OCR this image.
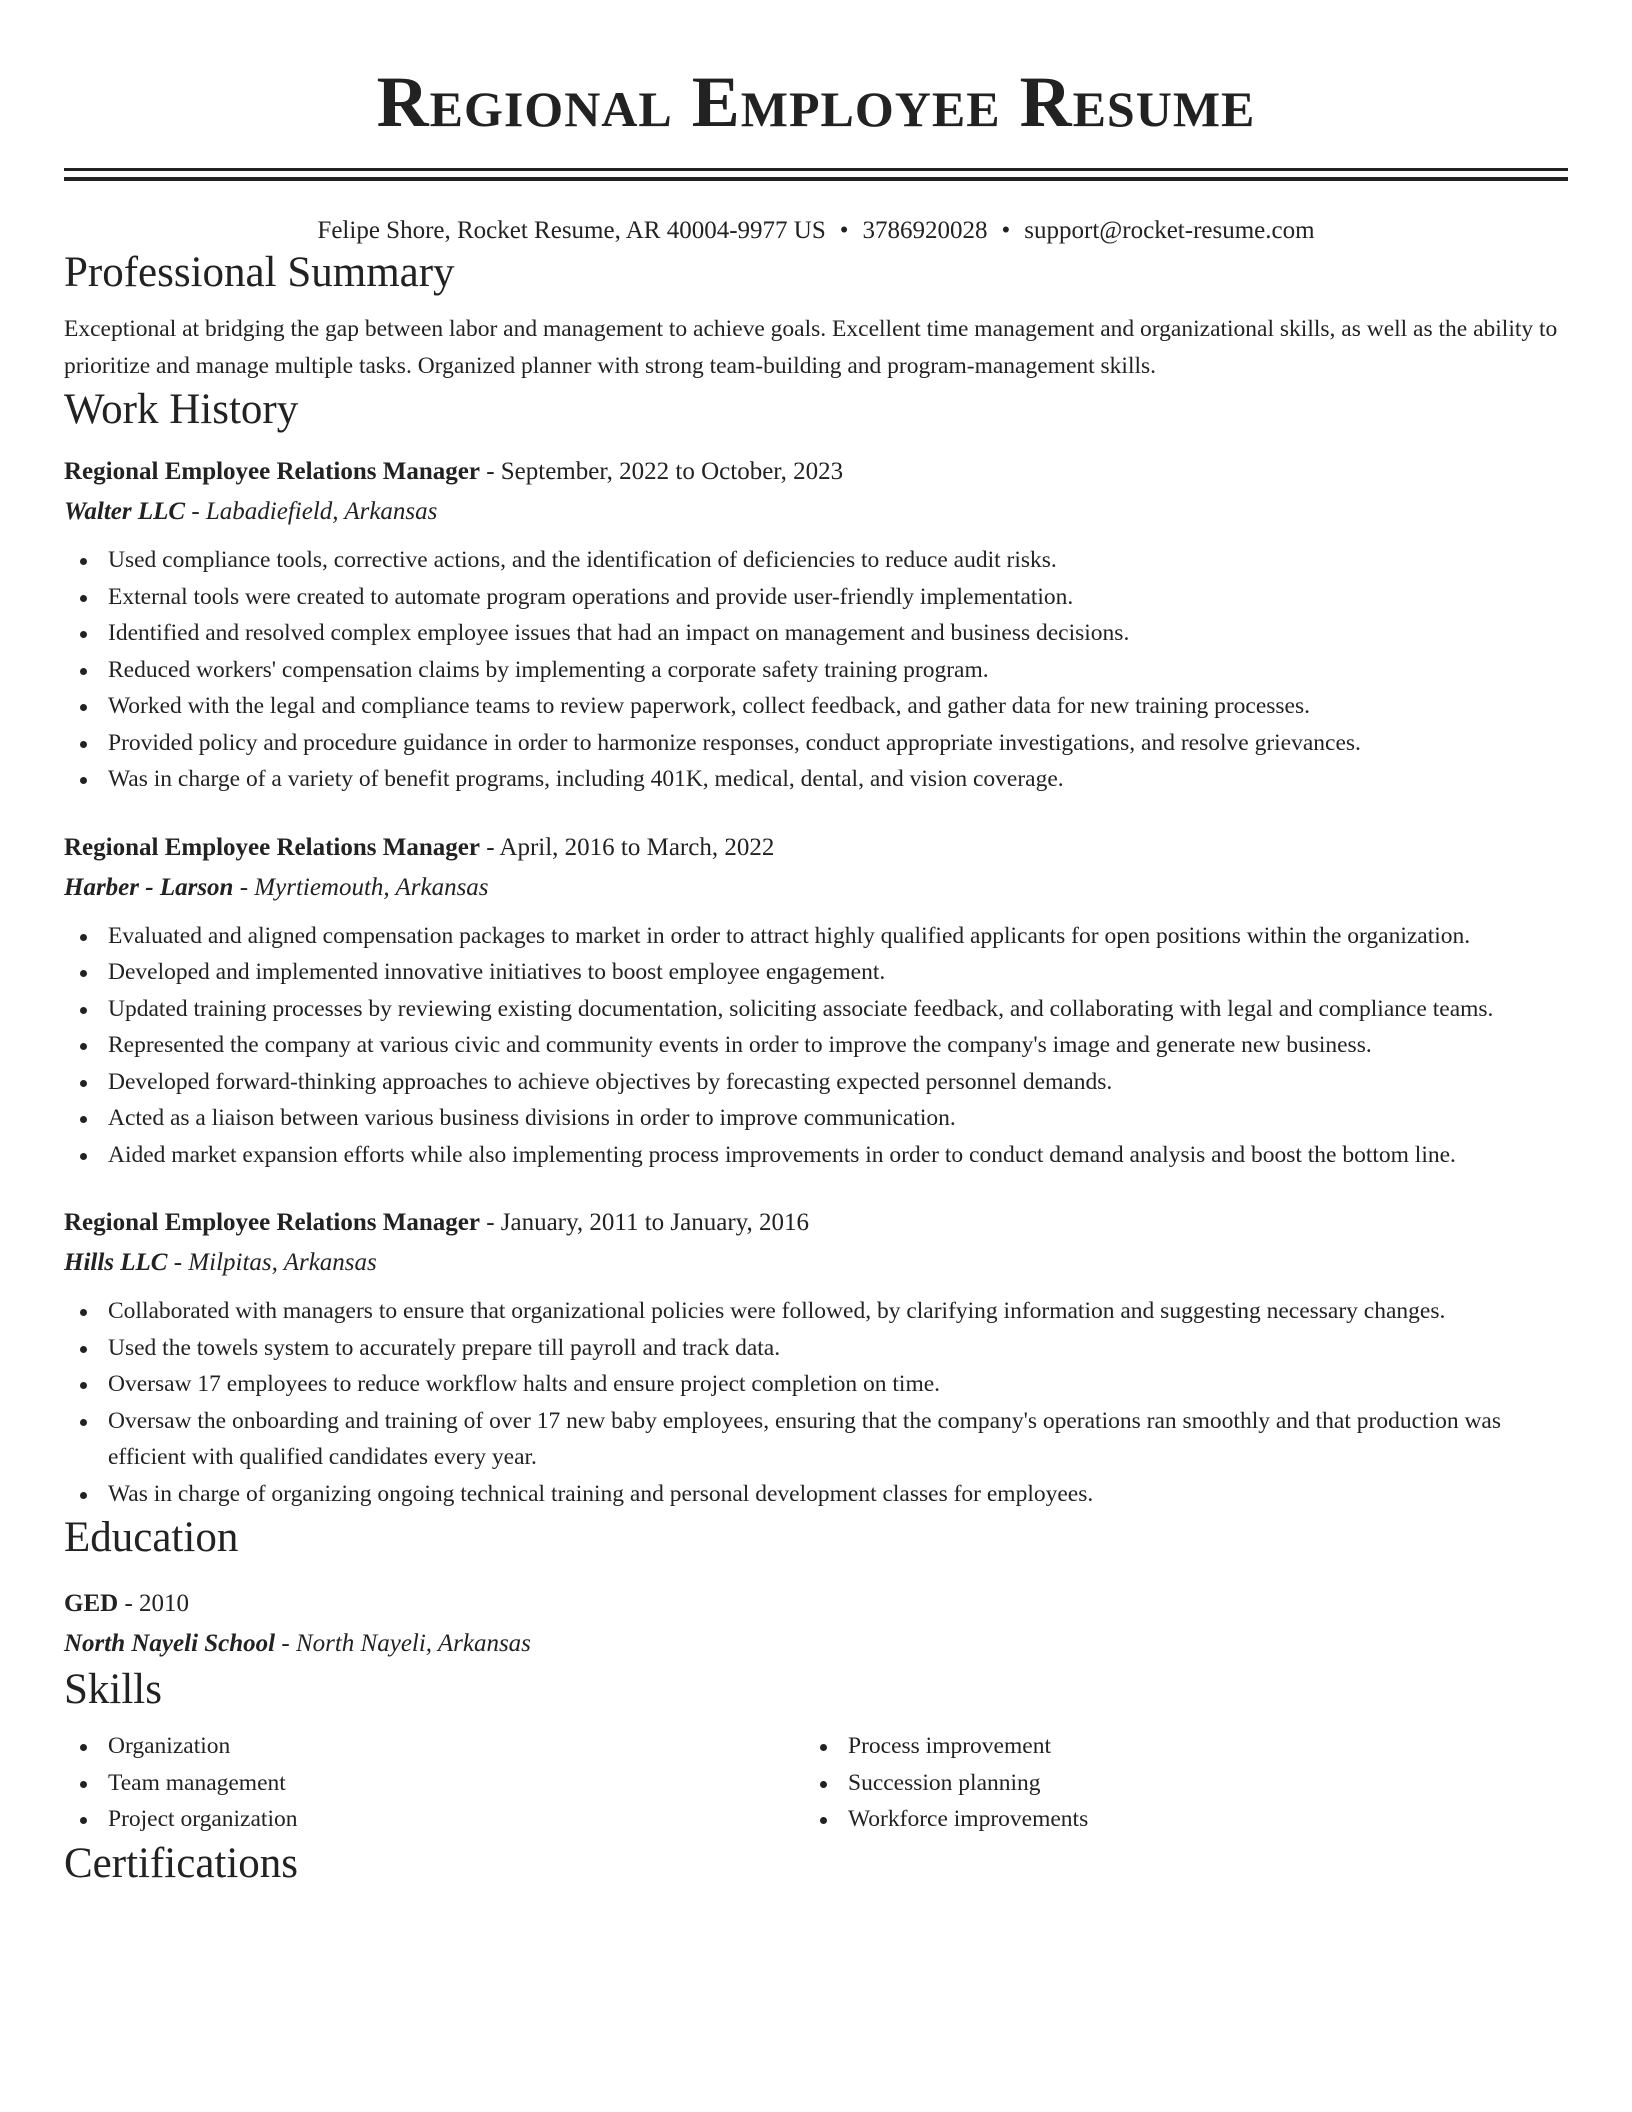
Regional Employee Resume
Felipe Shore, Rocket Resume, AR 40004-9977 US • 3786920028 • support@rocket-resume.com
Professional Summary
Exceptional at bridging the gap between labor and management to achieve goals. Excellent time management and organizational skills, as well as the ability to prioritize and manage multiple tasks. Organized planner with strong team-building and program-management skills.
Work History
Regional Employee Relations Manager - September, 2022 to October, 2023
Walter LLC - Labadiefield, Arkansas
Used compliance tools, corrective actions, and the identification of deficiencies to reduce audit risks.
External tools were created to automate program operations and provide user-friendly implementation.
Identified and resolved complex employee issues that had an impact on management and business decisions.
Reduced workers' compensation claims by implementing a corporate safety training program.
Worked with the legal and compliance teams to review paperwork, collect feedback, and gather data for new training processes.
Provided policy and procedure guidance in order to harmonize responses, conduct appropriate investigations, and resolve grievances.
Was in charge of a variety of benefit programs, including 401K, medical, dental, and vision coverage.
Regional Employee Relations Manager - April, 2016 to March, 2022
Harber - Larson - Myrtiemouth, Arkansas
Evaluated and aligned compensation packages to market in order to attract highly qualified applicants for open positions within the organization.
Developed and implemented innovative initiatives to boost employee engagement.
Updated training processes by reviewing existing documentation, soliciting associate feedback, and collaborating with legal and compliance teams.
Represented the company at various civic and community events in order to improve the company's image and generate new business.
Developed forward-thinking approaches to achieve objectives by forecasting expected personnel demands.
Acted as a liaison between various business divisions in order to improve communication.
Aided market expansion efforts while also implementing process improvements in order to conduct demand analysis and boost the bottom line.
Regional Employee Relations Manager - January, 2011 to January, 2016
Hills LLC - Milpitas, Arkansas
Collaborated with managers to ensure that organizational policies were followed, by clarifying information and suggesting necessary changes.
Used the towels system to accurately prepare till payroll and track data.
Oversaw 17 employees to reduce workflow halts and ensure project completion on time.
Oversaw the onboarding and training of over 17 new baby employees, ensuring that the company's operations ran smoothly and that production was efficient with qualified candidates every year.
Was in charge of organizing ongoing technical training and personal development classes for employees.
Education
GED - 2010
North Nayeli School - North Nayeli, Arkansas
Skills
Organization
Team management
Project organization
Process improvement
Succession planning
Workforce improvements
Certifications
